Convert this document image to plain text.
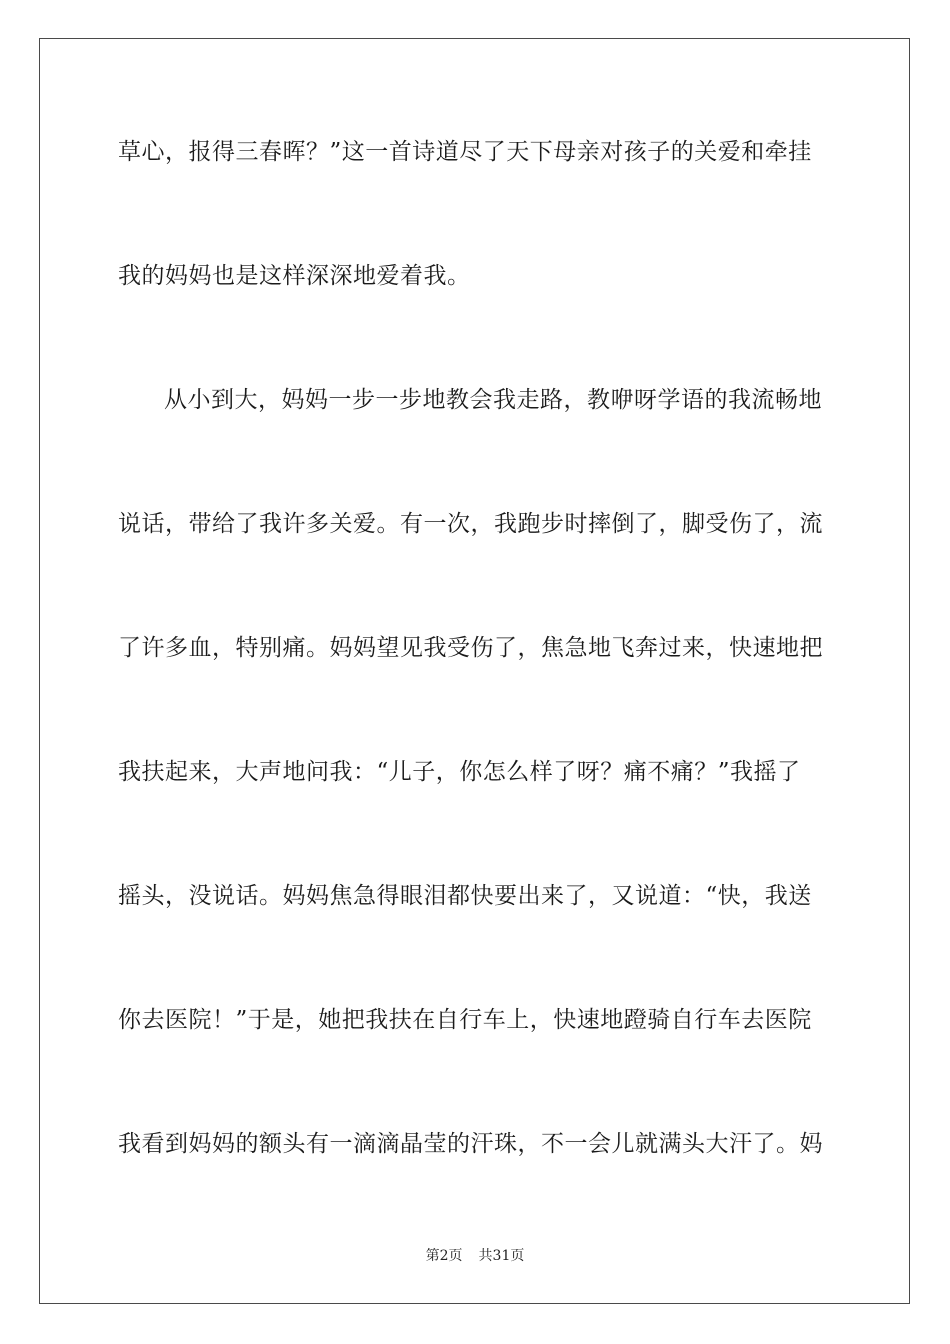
草心，报得三春晖？”这一首诗道尽了天下母亲对孩子的关爱和牵挂
我的妈妈也是这样深深地爱着我。
从小到大，妈妈一步一步地教会我走路，教咿呀学语的我流畅地
说话，带给了我许多关爱。有一次，我跑步时摔倒了，脚受伤了，流
了许多血，特别痛。妈妈望见我受伤了，焦急地飞奔过来，快速地把
我扶起来，大声地问我：“儿子，你怎么样了呀？痛不痛？”我摇了
摇头，没说话。妈妈焦急得眼泪都快要出来了，又说道：“快，我送
你去医院！”于是，她把我扶在自行车上，快速地蹬骑自行车去医院
我看到妈妈的额头有一滴滴晶莹的汗珠，不一会儿就满头大汗了。妈
第2页 共31页
